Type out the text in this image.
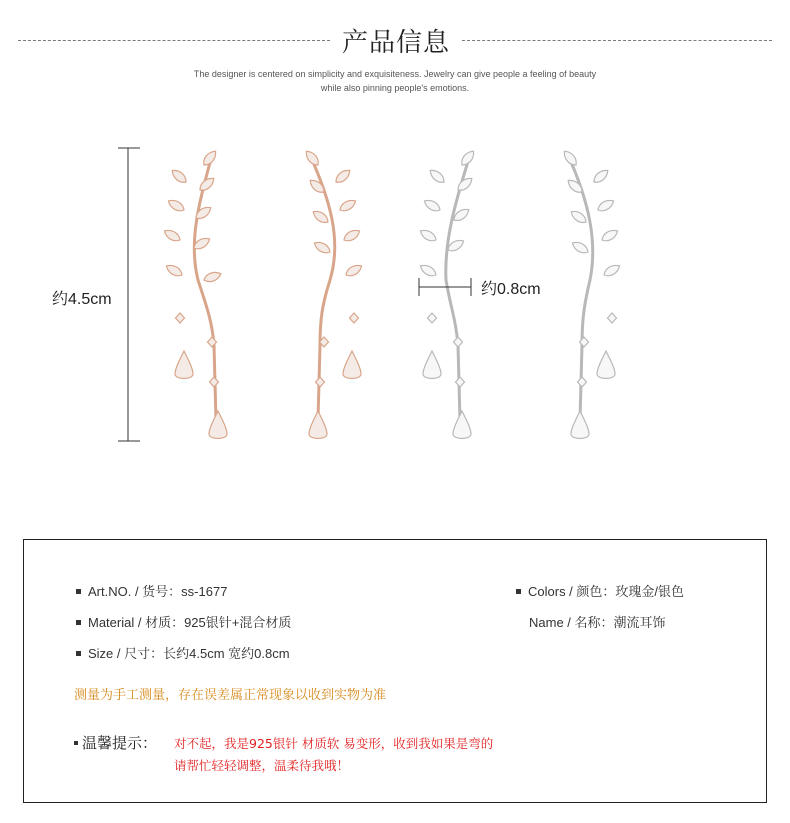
产品信息
The designer is centered on simplicity and exquisiteness. Jewelry can give people a feeling of beauty
while also pinning people's emotions.
约4.5cm
约0.8cm
Art.NO. / 货号：ss-1677
Material / 材质：925银针+混合材质
Size / 尺寸：长约4.5cm 宽约0.8cm
Colors / 颜色：玫瑰金/银色
Name / 名称：潮流耳饰
测量为手工测量，存在误差属正常现象以收到实物为准
温馨提示： 对不起，我是925银针 材质软 易变形，收到我如果是弯的
请帮忙轻轻调整，温柔待我哦！
